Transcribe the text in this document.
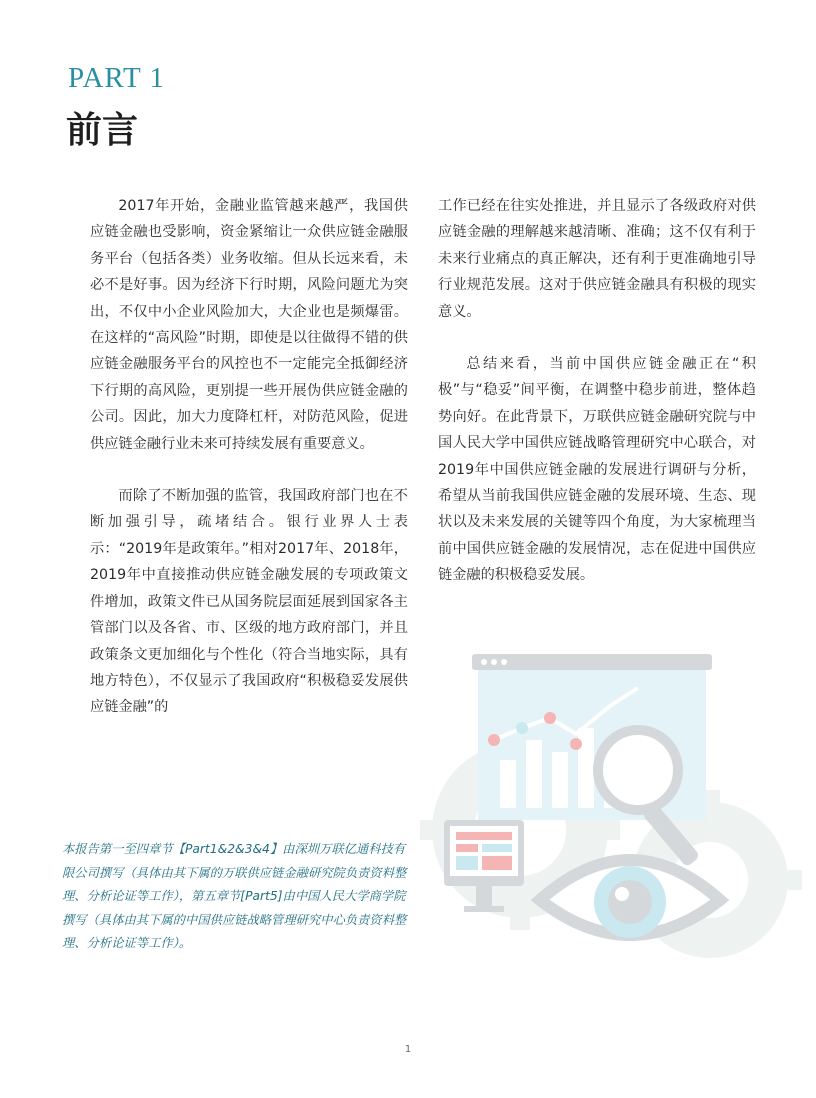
PART 1
前言

2017年开始，金融业监管越来越严，我国供应链金融也受影响，资金紧缩让一众供应链金融服务平台（包括各类）业务收缩。但从长远来看，未必不是好事。因为经济下行时期，风险问题尤为突出，不仅中小企业风险加大，大企业也是频爆雷。在这样的“高风险”时期，即使是以往做得不错的供应链金融服务平台的风控也不一定能完全抵御经济下行期的高风险，更别提一些开展伪供应链金融的公司。因此，加大力度降杠杆，对防范风险，促进供应链金融行业未来可持续发展有重要意义。

而除了不断加强的监管，我国政府部门也在不断加强引导，疏堵结合。银行业界人士表示：“2019年是政策年。”相对2017年、2018年，2019年中直接推动供应链金融发展的专项政策文件增加，政策文件已从国务院层面延展到国家各主管部门以及各省、市、区级的地方政府部门，并且政策条文更加细化与个性化（符合当地实际，具有地方特色），不仅显示了我国政府“积极稳妥发展供应链金融”的

工作已经在往实处推进，并且显示了各级政府对供应链金融的理解越来越清晰、准确；这不仅有利于未来行业痛点的真正解决，还有利于更准确地引导行业规范发展。这对于供应链金融具有积极的现实意义。

总结来看，当前中国供应链金融正在“积极”与“稳妥”间平衡，在调整中稳步前进，整体趋势向好。在此背景下，万联供应链金融研究院与中国人民大学中国供应链战略管理研究中心联合，对2019年中国供应链金融的发展进行调研与分析，希望从当前我国供应链金融的发展环境、生态、现状以及未来发展的关键等四个角度，为大家梳理当前中国供应链金融的发展情况，志在促进中国供应链金融的积极稳妥发展。

本报告第一至四章节【Part1&2&3&4】由深圳万联亿通科技有限公司撰写（具体由其下属的万联供应链金融研究院负责资料整理、分析论证等工作），第五章节[Part5]由中国人民大学商学院撰写（具体由其下属的中国供应链战略管理研究中心负责资料整理、分析论证等工作）。

1
